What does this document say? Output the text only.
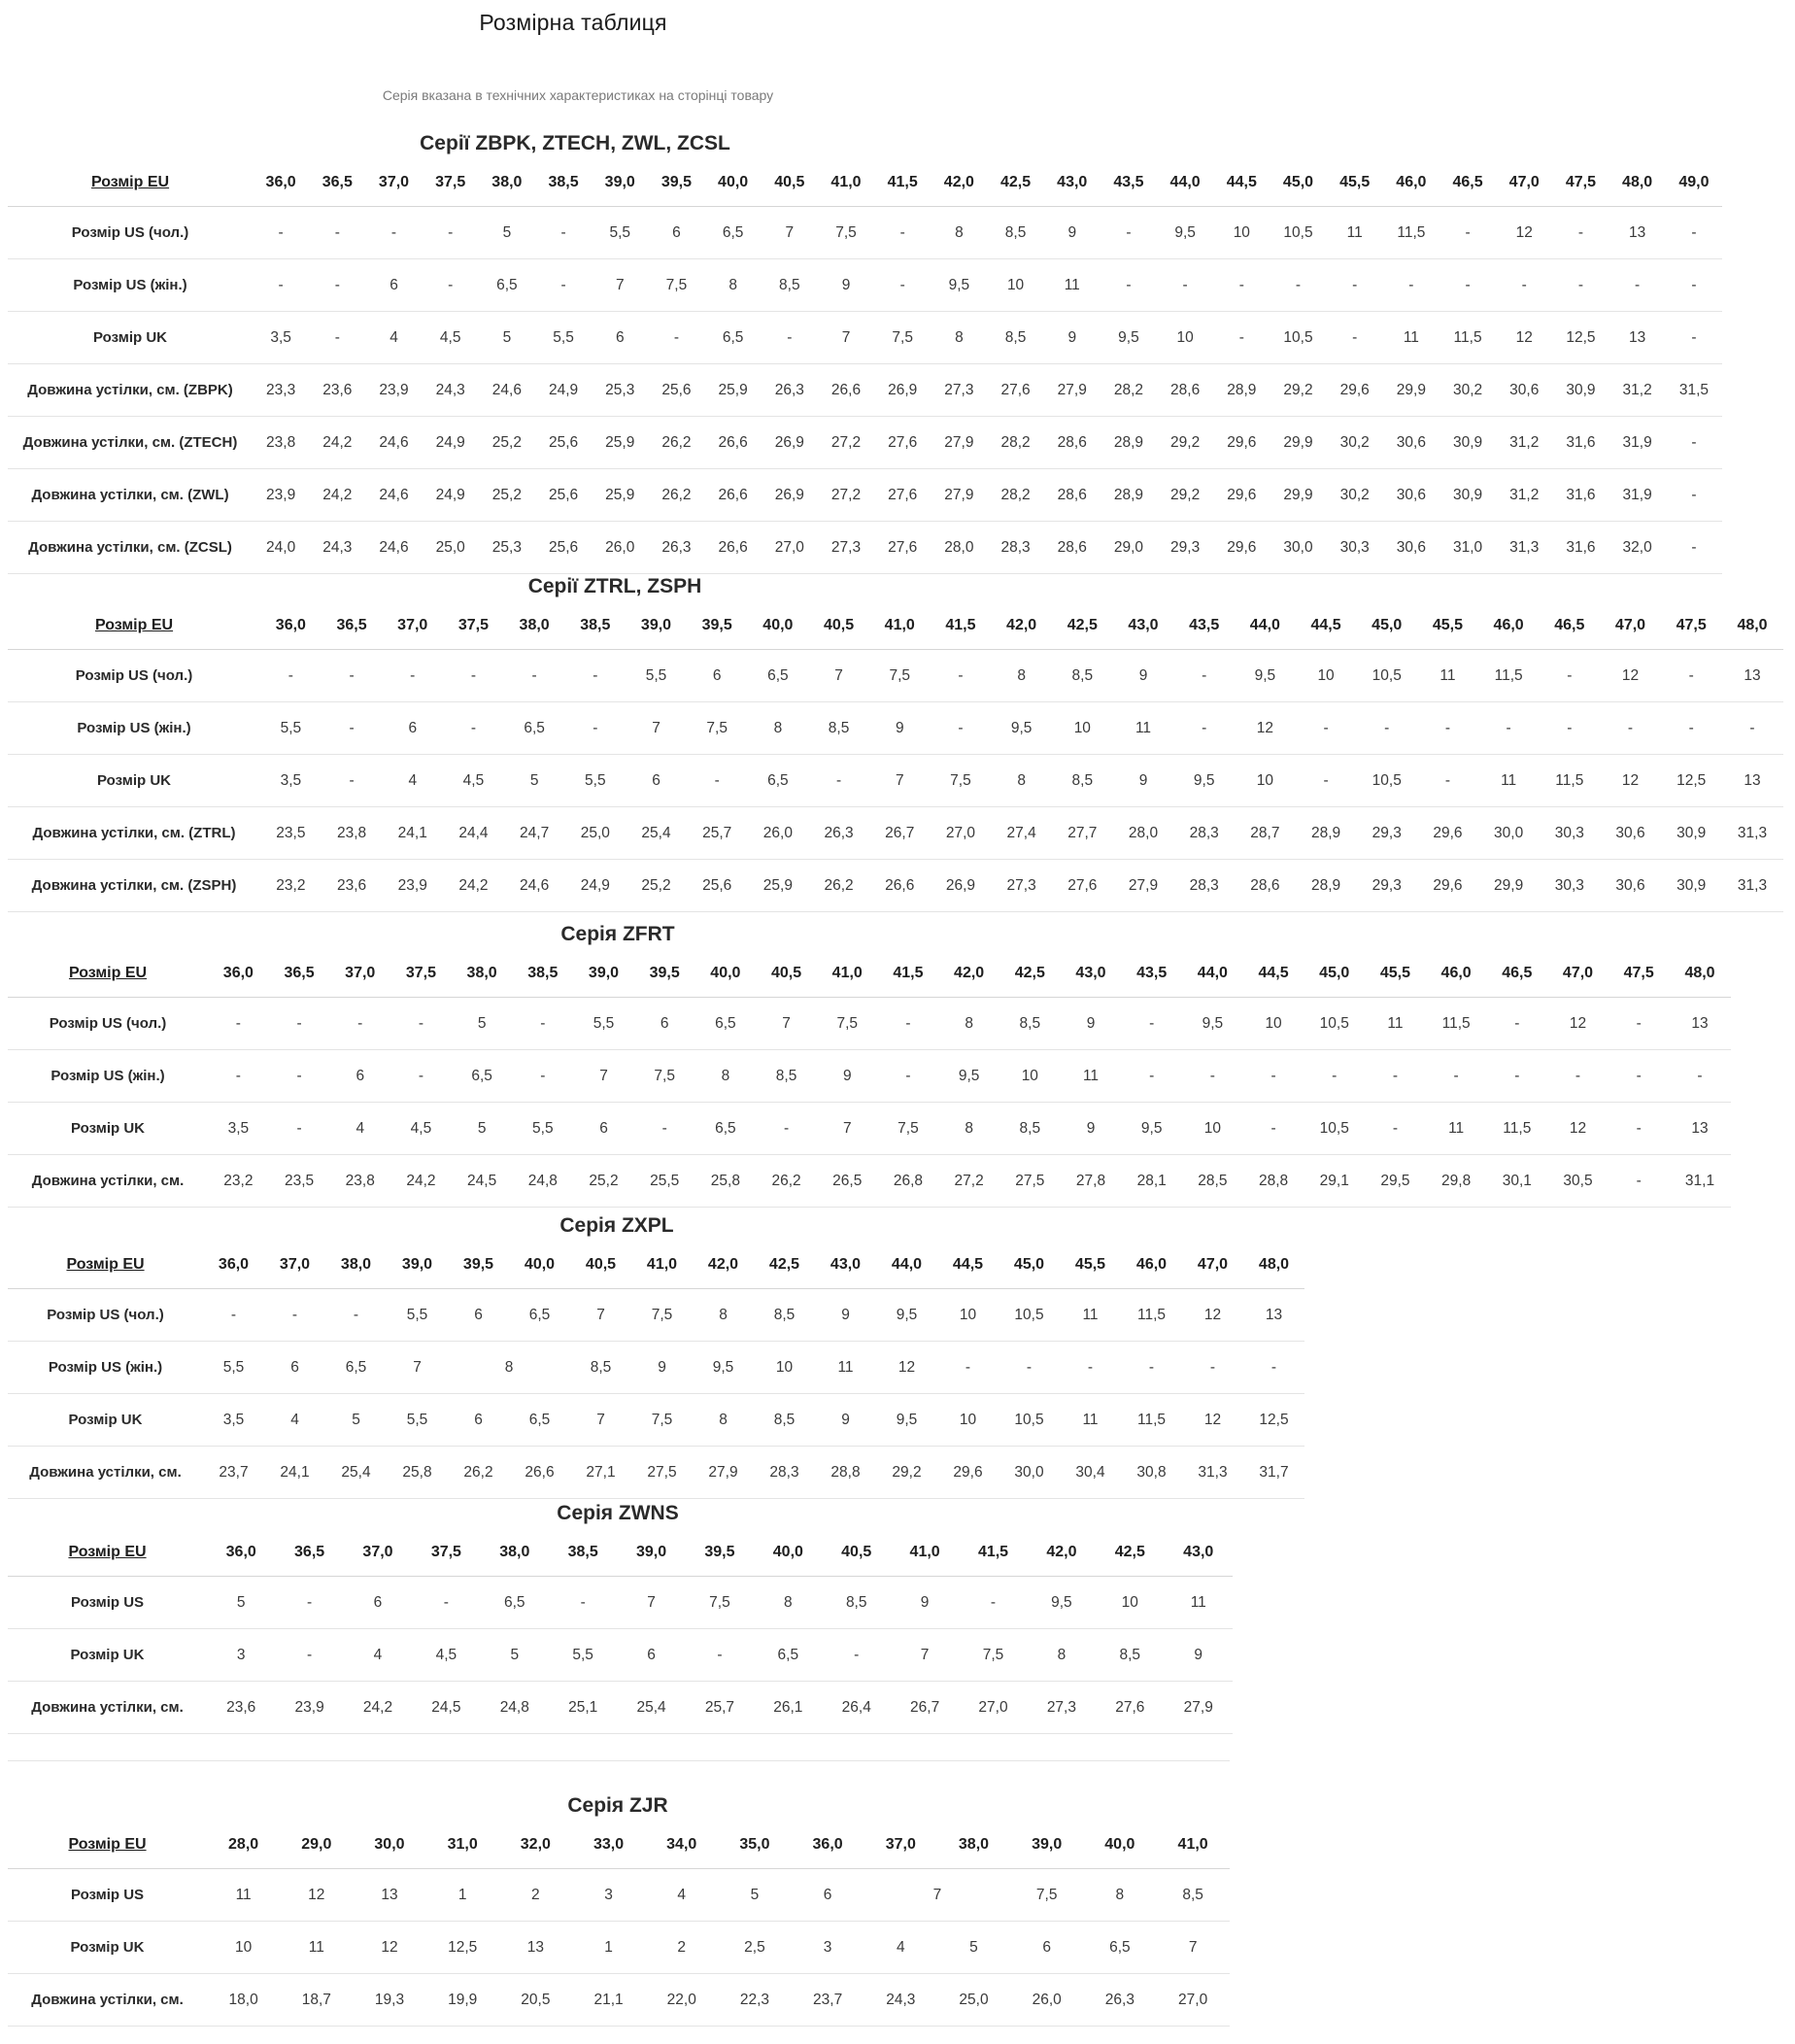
Розмірна таблиця
Серія вказана в технічних характеристиках на сторінці товару
Серії ZBPK, ZTECH, ZWL, ZCSL
Розмір EU	36,0	36,5	37,0	37,5	38,0	38,5	39,0	39,5	40,0	40,5	41,0	41,5	42,0	42,5	43,0	43,5	44,0	44,5	45,0	45,5	46,0	46,5	47,0	47,5	48,0	49,0
Розмір US (чол.)	-	-	-	-	5	-	5,5	6	6,5	7	7,5	-	8	8,5	9	-	9,5	10	10,5	11	11,5	-	12	-	13	-
Розмір US (жін.)	-	-	6	-	6,5	-	7	7,5	8	8,5	9	-	9,5	10	11	-	-	-	-	-	-	-	-	-	-	-
Розмір UK	3,5	-	4	4,5	5	5,5	6	-	6,5	-	7	7,5	8	8,5	9	9,5	10	-	10,5	-	11	11,5	12	12,5	13	-
Довжина устілки, см. (ZBPK)	23,3	23,6	23,9	24,3	24,6	24,9	25,3	25,6	25,9	26,3	26,6	26,9	27,3	27,6	27,9	28,2	28,6	28,9	29,2	29,6	29,9	30,2	30,6	30,9	31,2	31,5
Довжина устілки, см. (ZTECH)	23,8	24,2	24,6	24,9	25,2	25,6	25,9	26,2	26,6	26,9	27,2	27,6	27,9	28,2	28,6	28,9	29,2	29,6	29,9	30,2	30,6	30,9	31,2	31,6	31,9	-
Довжина устілки, см. (ZWL)	23,9	24,2	24,6	24,9	25,2	25,6	25,9	26,2	26,6	26,9	27,2	27,6	27,9	28,2	28,6	28,9	29,2	29,6	29,9	30,2	30,6	30,9	31,2	31,6	31,9	-
Довжина устілки, см. (ZCSL)	24,0	24,3	24,6	25,0	25,3	25,6	26,0	26,3	26,6	27,0	27,3	27,6	28,0	28,3	28,6	29,0	29,3	29,6	30,0	30,3	30,6	31,0	31,3	31,6	32,0	-
Серії ZTRL, ZSPH
Розмір EU	36,0	36,5	37,0	37,5	38,0	38,5	39,0	39,5	40,0	40,5	41,0	41,5	42,0	42,5	43,0	43,5	44,0	44,5	45,0	45,5	46,0	46,5	47,0	47,5	48,0
Розмір US (чол.)	-	-	-	-	-	-	5,5	6	6,5	7	7,5	-	8	8,5	9	-	9,5	10	10,5	11	11,5	-	12	-	13
Розмір US (жін.)	5,5	-	6	-	6,5	-	7	7,5	8	8,5	9	-	9,5	10	11	-	12	-	-	-	-	-	-	-	-
Розмір UK	3,5	-	4	4,5	5	5,5	6	-	6,5	-	7	7,5	8	8,5	9	9,5	10	-	10,5	-	11	11,5	12	12,5	13
Довжина устілки, см. (ZTRL)	23,5	23,8	24,1	24,4	24,7	25,0	25,4	25,7	26,0	26,3	26,7	27,0	27,4	27,7	28,0	28,3	28,7	28,9	29,3	29,6	30,0	30,3	30,6	30,9	31,3
Довжина устілки, см. (ZSPH)	23,2	23,6	23,9	24,2	24,6	24,9	25,2	25,6	25,9	26,2	26,6	26,9	27,3	27,6	27,9	28,3	28,6	28,9	29,3	29,6	29,9	30,3	30,6	30,9	31,3
Серія ZFRT
Розмір EU	36,0	36,5	37,0	37,5	38,0	38,5	39,0	39,5	40,0	40,5	41,0	41,5	42,0	42,5	43,0	43,5	44,0	44,5	45,0	45,5	46,0	46,5	47,0	47,5	48,0
Розмір US (чол.)	-	-	-	-	5	-	5,5	6	6,5	7	7,5	-	8	8,5	9	-	9,5	10	10,5	11	11,5	-	12	-	13
Розмір US (жін.)	-	-	6	-	6,5	-	7	7,5	8	8,5	9	-	9,5	10	11	-	-	-	-	-	-	-	-	-	-
Розмір UK	3,5	-	4	4,5	5	5,5	6	-	6,5	-	7	7,5	8	8,5	9	9,5	10	-	10,5	-	11	11,5	12	-	13
Довжина устілки, см.	23,2	23,5	23,8	24,2	24,5	24,8	25,2	25,5	25,8	26,2	26,5	26,8	27,2	27,5	27,8	28,1	28,5	28,8	29,1	29,5	29,8	30,1	30,5	-	31,1
Серія ZXPL
Розмір EU	36,0	37,0	38,0	39,0	39,5	40,0	40,5	41,0	42,0	42,5	43,0	44,0	44,5	45,0	45,5	46,0	47,0	48,0
Розмір US (чол.)	-	-	-	5,5	6	6,5	7	7,5	8	8,5	9	9,5	10	10,5	11	11,5	12	13
Розмір US (жін.)	5,5	6	6,5	7	8		8,5	9	9,5	10	11	12	-	-	-	-	-	-
Розмір UK	3,5	4	5	5,5	6	6,5	7	7,5	8	8,5	9	9,5	10	10,5	11	11,5	12	12,5
Довжина устілки, см.	23,7	24,1	25,4	25,8	26,2	26,6	27,1	27,5	27,9	28,3	28,8	29,2	29,6	30,0	30,4	30,8	31,3	31,7
Серія ZWNS
Розмір EU	36,0	36,5	37,0	37,5	38,0	38,5	39,0	39,5	40,0	40,5	41,0	41,5	42,0	42,5	43,0
Розмір US	5	-	6	-	6,5	-	7	7,5	8	8,5	9	-	9,5	10	11
Розмір UK	3	-	4	4,5	5	5,5	6	-	6,5	-	7	7,5	8	8,5	9
Довжина устілки, см.	23,6	23,9	24,2	24,5	24,8	25,1	25,4	25,7	26,1	26,4	26,7	27,0	27,3	27,6	27,9
Серія ZJR
Розмір EU	28,0	29,0	30,0	31,0	32,0	33,0	34,0	35,0	36,0	37,0	38,0	39,0	40,0	41,0
Розмір US	11	12	13	1	2	3	4	5	6	7		7,5	8	8,5
Розмір UK	10	11	12	12,5	13	1	2	2,5	3	4	5	6	6,5	7
Довжина устілки, см.	18,0	18,7	19,3	19,9	20,5	21,1	22,0	22,3	23,7	24,3	25,0	26,0	26,3	27,0
